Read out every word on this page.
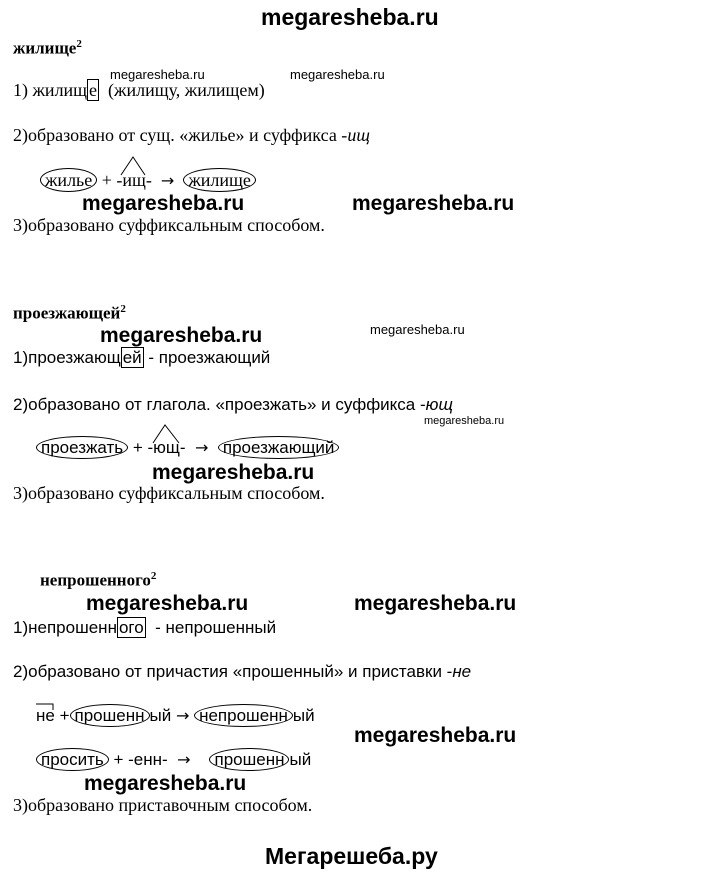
megaresheba.ru
жилище$^2$
megaresheba.ru	megaresheba.ru
1) жилищ е (жилищу, жилищем)
2)образовано от сущ. «жилье» и суффикса -ищ
жилье + -
ищ- → жилище
megaresheba.ru	megaresheba.ru
3)образовано суффиксальным способом.
проезжающей$^2$
megaresheba.ru	megaresheba.ru
1)проезжающ ей - проезжающий
2)образовано от глагола. «проезжать» и суффикса -ющ
megaresheba.ru
проезжать + -
ющ- → проезжающий
megaresheba.ru
3)образовано суффиксальным способом.
непрошенного$^2$
megaresheba.ru	megaresheba.ru
1)непрошенн ого - непрошенный
2)образовано от причастия «прошенный» и приставки -не
не + прошенн ый → непрошенн ый
megaresheba.ru
просить + -енн- → прошенн ый
megaresheba.ru
3)образовано приставочным способом.
Мегарешеба.ру
